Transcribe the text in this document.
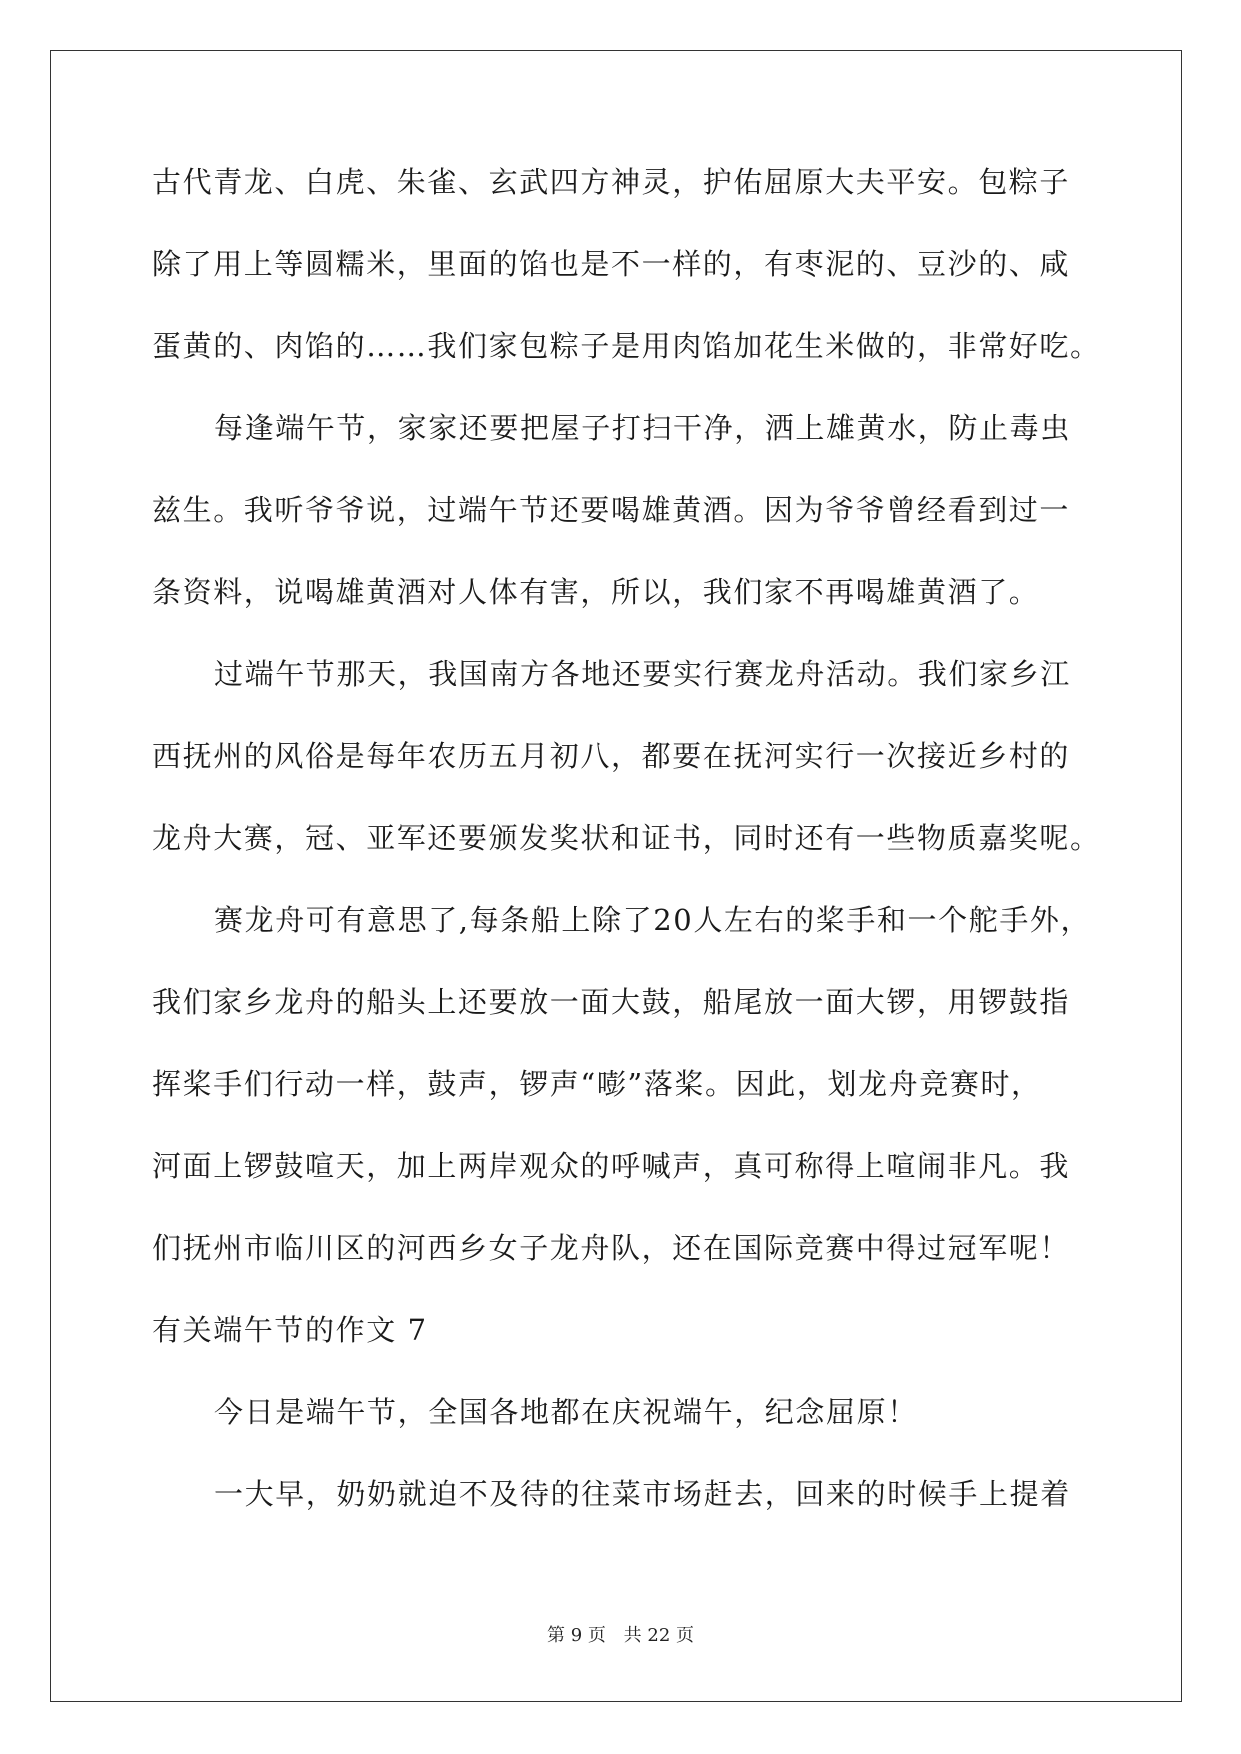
古代青龙、白虎、朱雀、玄武四方神灵，护佑屈原大夫平安。包粽子
除了用上等圆糯米，里面的馅也是不一样的，有枣泥的、豆沙的、咸
蛋黄的、肉馅的……我们家包粽子是用肉馅加花生米做的，非常好吃。
每逢端午节，家家还要把屋子打扫干净，洒上雄黄水，防止毒虫
兹生。我听爷爷说，过端午节还要喝雄黄酒。因为爷爷曾经看到过一
条资料，说喝雄黄酒对人体有害，所以，我们家不再喝雄黄酒了。
过端午节那天，我国南方各地还要实行赛龙舟活动。我们家乡江
西抚州的风俗是每年农历五月初八，都要在抚河实行一次接近乡村的
龙舟大赛，冠、亚军还要颁发奖状和证书，同时还有一些物质嘉奖呢。
赛龙舟可有意思了,每条船上除了20人左右的桨手和一个舵手外，
我们家乡龙舟的船头上还要放一面大鼓，船尾放一面大锣，用锣鼓指
挥桨手们行动一样，鼓声，锣声“嘭”落桨。因此，划龙舟竞赛时，
河面上锣鼓喧天，加上两岸观众的呼喊声，真可称得上喧闹非凡。我
们抚州市临川区的河西乡女子龙舟队，还在国际竞赛中得过冠军呢！
有关端午节的作文 7
今日是端午节，全国各地都在庆祝端午，纪念屈原！
一大早，奶奶就迫不及待的往菜市场赶去，回来的时候手上提着
第 9 页 共 22 页
